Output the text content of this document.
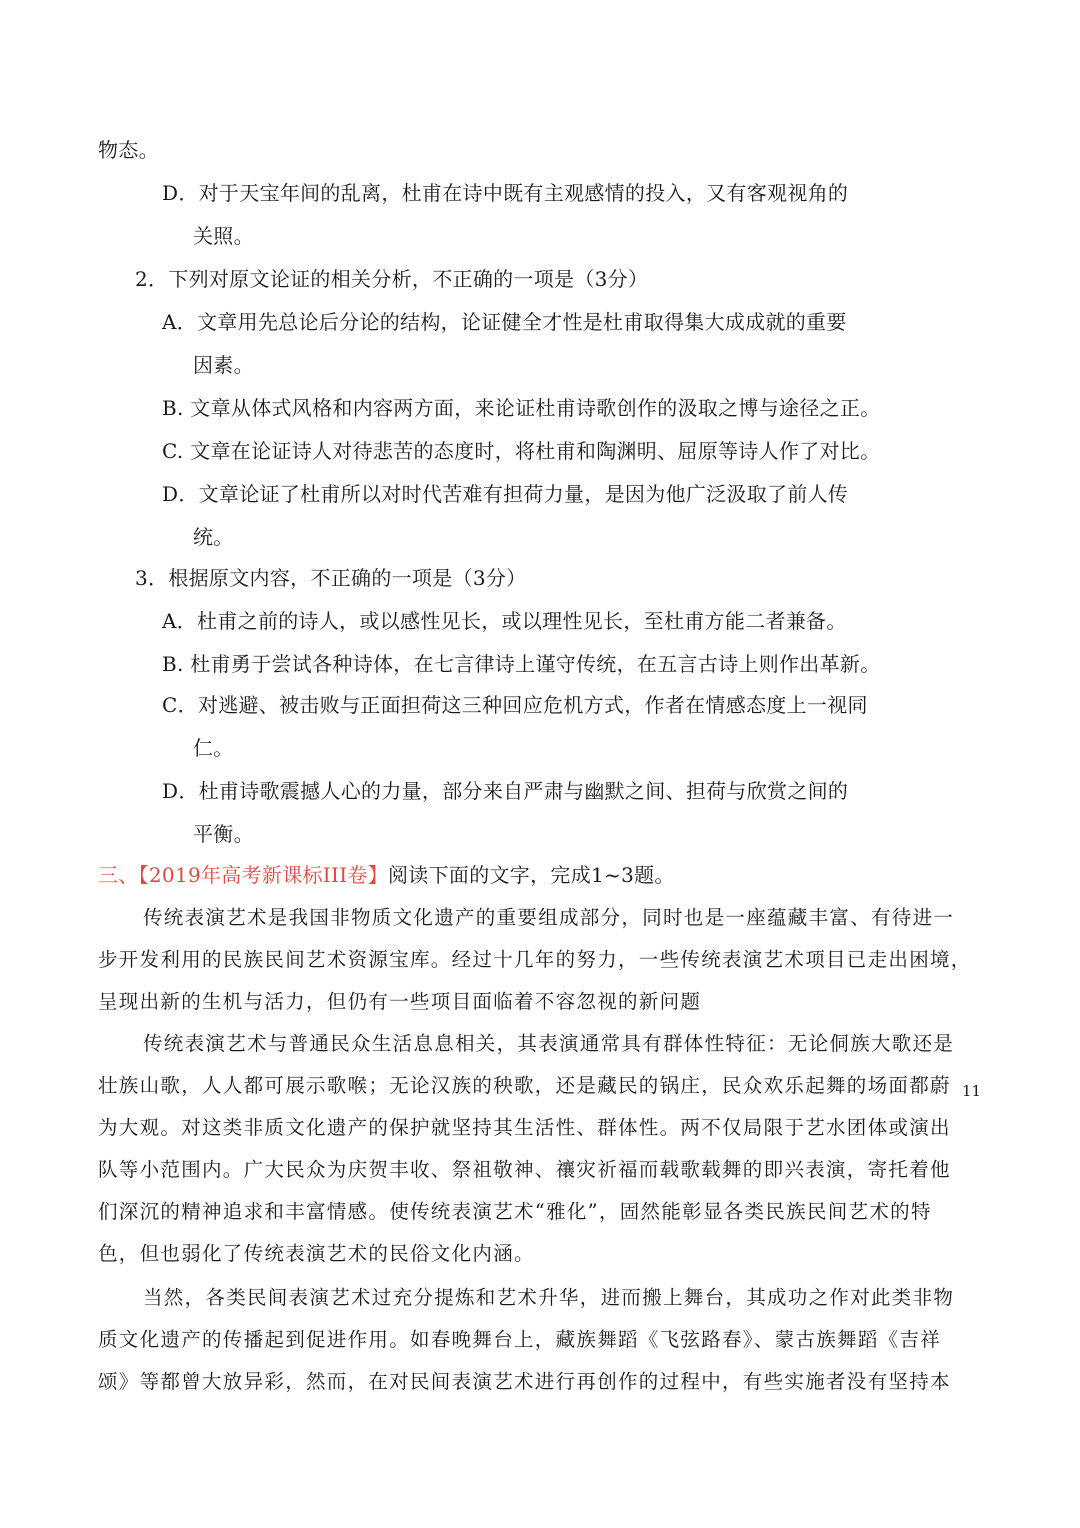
物态。

D．对于天宝年间的乱离，杜甫在诗中既有主观感情的投入，又有客观视角的

关照。

2．下列对原文论证的相关分析，不正确的一项是（3分）

A．文章用先总论后分论的结构，论证健全才性是杜甫取得集大成成就的重要

因素。

B. 文章从体式风格和内容两方面，来论证杜甫诗歌创作的汲取之博与途径之正。

C. 文章在论证诗人对待悲苦的态度时，将杜甫和陶渊明、屈原等诗人作了对比。

D．文章论证了杜甫所以对时代苦难有担荷力量，是因为他广泛汲取了前人传

统。

3．根据原文内容，不正确的一项是（3分）

A．杜甫之前的诗人，或以感性见长，或以理性见长，至杜甫方能二者兼备。

B. 杜甫勇于尝试各种诗体，在七言律诗上谨守传统，在五言古诗上则作出革新。

C．对逃避、被击败与正面担荷这三种回应危机方式，作者在情感态度上一视同

仁。

D．杜甫诗歌震撼人心的力量，部分来自严肃与幽默之间、担荷与欣赏之间的

平衡。

三、【2019年高考新课标III卷】阅读下面的文字，完成1~3题。

传统表演艺术是我国非物质文化遗产的重要组成部分，同时也是一座蕴藏丰富、有待进一

步开发利用的民族民间艺术资源宝库。经过十几年的努力，一些传统表演艺术项目已走出困境，

呈现出新的生机与活力，但仍有一些项目面临着不容忽视的新问题

传统表演艺术与普通民众生活息息相关，其表演通常具有群体性特征：无论侗族大歌还是

壮族山歌，人人都可展示歌喉；无论汉族的秧歌，还是藏民的锅庄，民众欢乐起舞的场面都蔚

为大观。对这类非质文化遗产的保护就坚持其生活性、群体性。两不仅局限于艺水团体或演出

队等小范围内。广大民众为庆贺丰收、祭祖敬神、禳灾祈福而载歌载舞的即兴表演，寄托着他

们深沉的精神追求和丰富情感。使传统表演艺术“雅化”，固然能彰显各类民族民间艺术的特

色，但也弱化了传统表演艺术的民俗文化内涵。

当然，各类民间表演艺术过充分提炼和艺术升华，进而搬上舞台，其成功之作对此类非物

质文化遗产的传播起到促进作用。如春晚舞台上，藏族舞蹈《飞弦路春》、蒙古族舞蹈《吉祥

颂》等都曾大放异彩，然而，在对民间表演艺术进行再创作的过程中，有些实施者没有坚持本

11
